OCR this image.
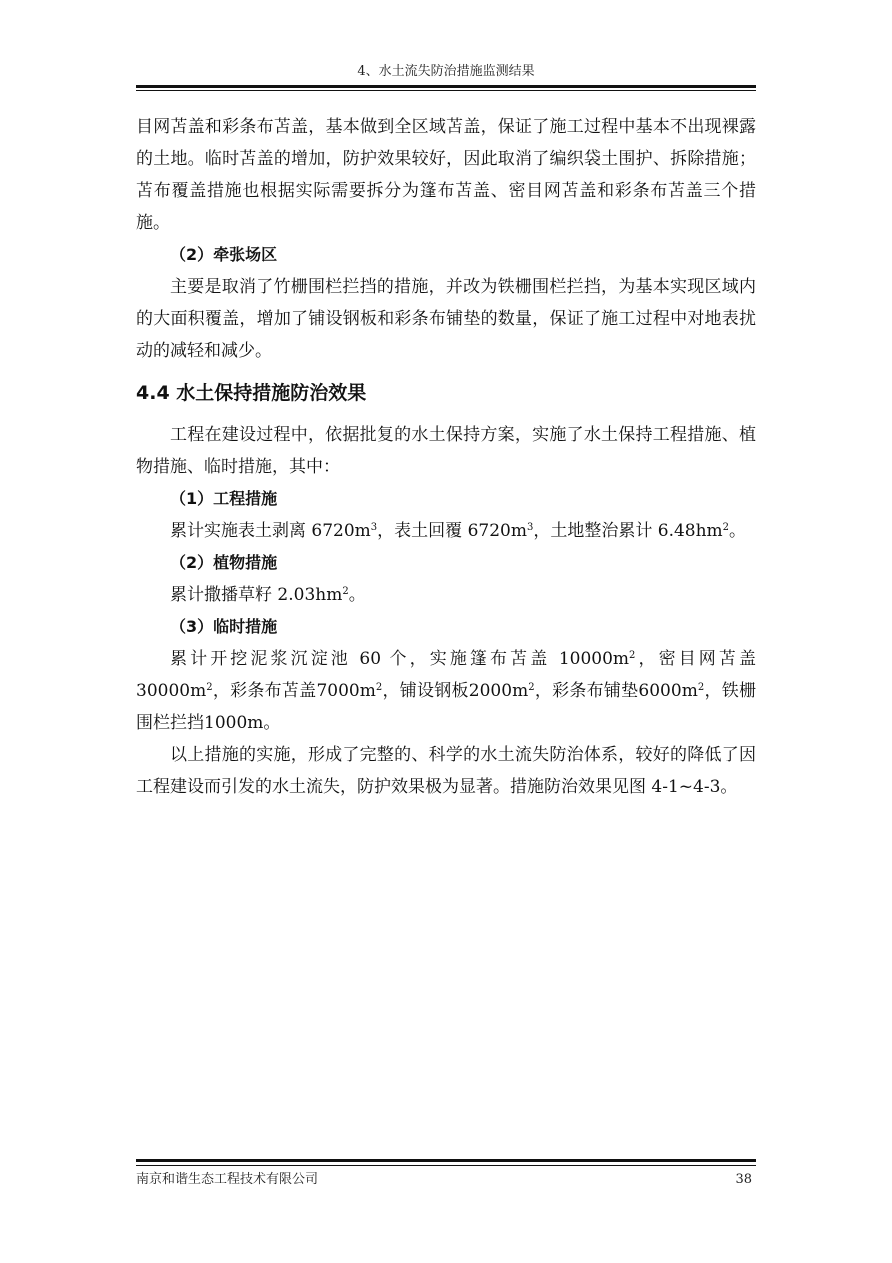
4、水土流失防治措施监测结果

目网苫盖和彩条布苫盖，基本做到全区域苫盖，保证了施工过程中基本不出现裸露的土地。临时苫盖的增加，防护效果较好，因此取消了编织袋土围护、拆除措施；苫布覆盖措施也根据实际需要拆分为篷布苫盖、密目网苫盖和彩条布苫盖三个措施。

（2）牵张场区

主要是取消了竹栅围栏拦挡的措施，并改为铁栅围栏拦挡，为基本实现区域内的大面积覆盖，增加了铺设钢板和彩条布铺垫的数量，保证了施工过程中对地表扰动的减轻和减少。

4.4 水土保持措施防治效果

工程在建设过程中，依据批复的水土保持方案，实施了水土保持工程措施、植物措施、临时措施，其中：

（1）工程措施

累计实施表土剥离 $6720m^3$，表土回覆 $6720m^3$，土地整治累计 $6.48hm^2$。

（2）植物措施

累计撒播草籽 $2.03hm^2$。

（3）临时措施

累计开挖泥浆沉淀池 60 个，实施篷布苫盖 $10000m^2$，密目网苫盖 $30000m^2$，彩条布苫盖$7000m^2$，铺设钢板$2000m^2$，彩条布铺垫$6000m^2$，铁栅围栏拦挡1000m。

以上措施的实施，形成了完整的、科学的水土流失防治体系，较好的降低了因工程建设而引发的水土流失，防护效果极为显著。措施防治效果见图 4-1~4-3。

南京和谐生态工程技术有限公司	38
